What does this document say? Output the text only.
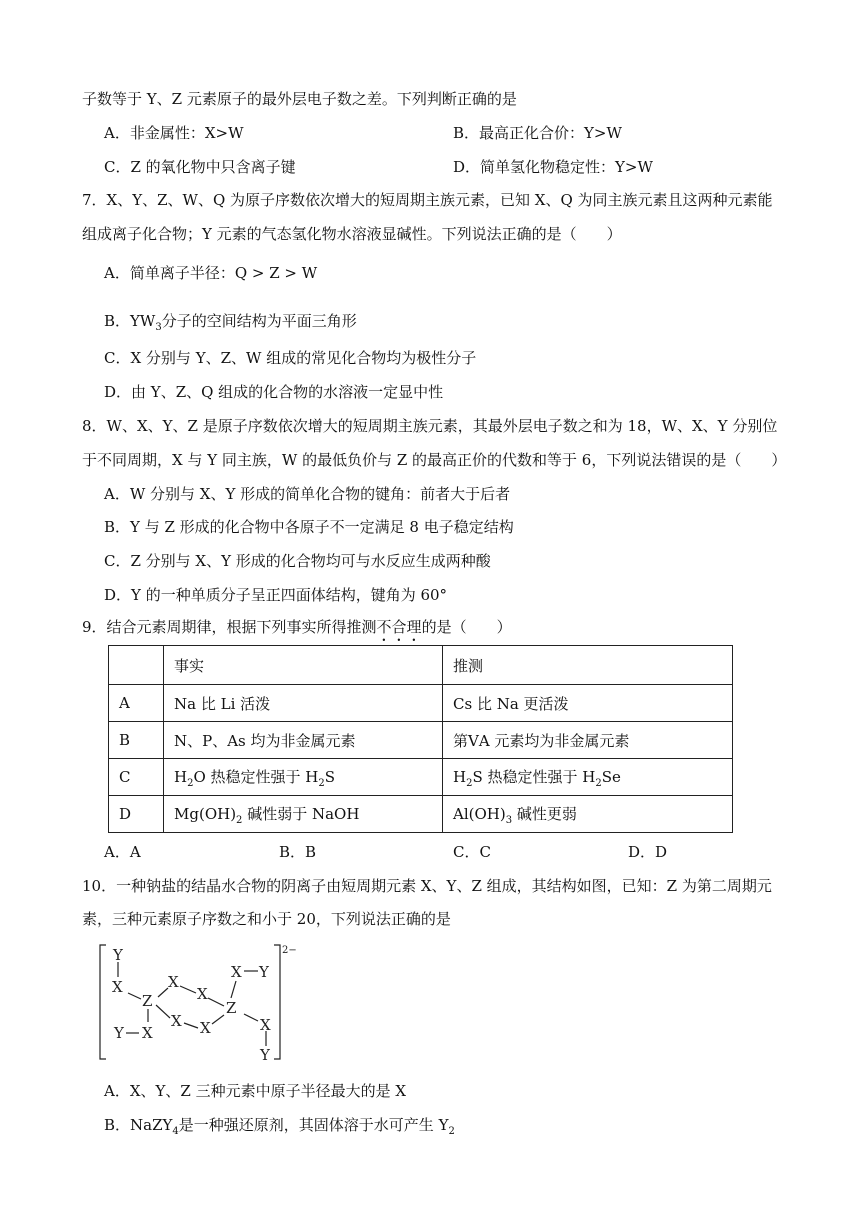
子数等于 Y、Z 元素原子的最外层电子数之差。下列判断正确的是
A．非金属性：X>W	B．最高正化合价：Y>W
C．Z 的氧化物中只含离子键	D．简单氢化物稳定性：Y>W
7．X、Y、Z、W、Q 为原子序数依次增大的短周期主族元素，已知 X、Q 为同主族元素且这两种元素能
组成离子化合物；Y 元素的气态氢化物水溶液显碱性。下列说法正确的是（　　）
A．简单离子半径：Q > Z > W
B．$YW_3$分子的空间结构为平面三角形
C．X 分别与 Y、Z、W 组成的常见化合物均为极性分子
D．由 Y、Z、Q 组成的化合物的水溶液一定显中性
8．W、X、Y、Z 是原子序数依次增大的短周期主族元素，其最外层电子数之和为 18，W、X、Y 分别位
于不同周期，X 与 Y 同主族，W 的最低负价与 Z 的最高正价的代数和等于 6，下列说法错误的是（　　）
A．W 分别与 X、Y 形成的简单化合物的键角：前者大于后者
B．Y 与 Z 形成的化合物中各原子不一定满足 8 电子稳定结构
C．Z 分别与 X、Y 形成的化合物均可与水反应生成两种酸
D．Y 的一种单质分子呈正四面体结构，键角为 60°
9．结合元素周期律，根据下列事实所得推测不合理的是（　　）
	事实	推测
A	Na 比 Li 活泼	Cs 比 Na 更活泼
B	N、P、As 均为非金属元素	第ⅤA 元素均为非金属元素
C	$H_2O$ 热稳定性强于 $H_2S$	$H_2S$ 热稳定性强于 $H_2Se$
D	$Mg(OH)_2$ 碱性弱于 NaOH	$Al(OH)_3$ 碱性更弱
A．A	B．B	C．C	D．D
10．一种钠盐的结晶水合物的阴离子由短周期元素 X、Y、Z 组成，其结构如图，已知：Z 为第二周期元
素，三种元素原子序数之和小于 20，下列说法正确的是
2−
Y
X
Z
X
X
Z
X Y
X
Y
Y X
X X
A．X、Y、Z 三种元素中原子半径最大的是 X
B．NaZY$_4$是一种强还原剂，其固体溶于水可产生 $Y_2$
